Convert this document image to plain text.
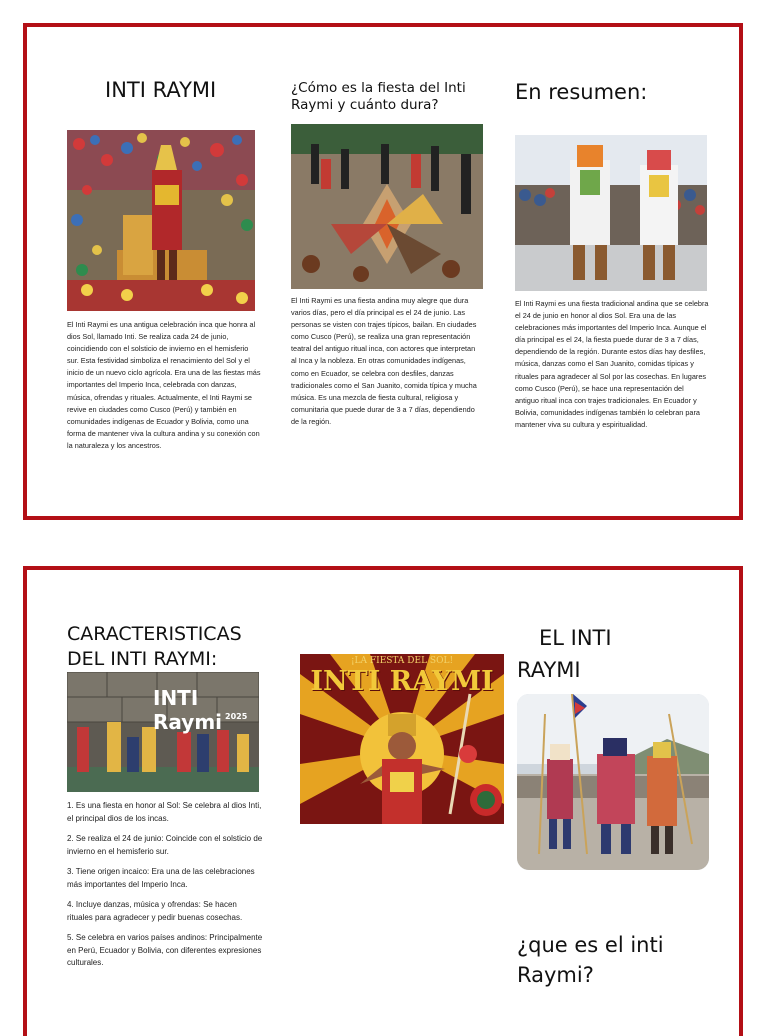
INTI RAYMI

El Inti Raymi es una antigua celebración inca que honra al dios Sol, llamado Inti. Se realiza cada 24 de junio, coincidiendo con el solsticio de invierno en el hemisferio sur. Esta festividad simboliza el renacimiento del Sol y el inicio de un nuevo ciclo agrícola. Era una de las fiestas más importantes del Imperio Inca, celebrada con danzas, música, ofrendas y rituales. Actualmente, el Inti Raymi se revive en ciudades como Cusco (Perú) y también en comunidades indígenas de Ecuador y Bolivia, como una forma de mantener viva la cultura andina y su conexión con la naturaleza y los ancestros.

¿Cómo es la fiesta del Inti Raymi y cuánto dura?

El Inti Raymi es una fiesta andina muy alegre que dura varios días, pero el día principal es el 24 de junio. Las personas se visten con trajes típicos, bailan. En ciudades como Cusco (Perú), se realiza una gran representación teatral del antiguo ritual inca, con actores que interpretan al Inca y la nobleza. En otras comunidades indígenas, como en Ecuador, se celebra con desfiles, danzas tradicionales como el San Juanito, comida típica y mucha música. Es una mezcla de fiesta cultural, religiosa y comunitaria que puede durar de 3 a 7 días, dependiendo de la región.

En resumen:

El Inti Raymi es una fiesta tradicional andina que se celebra el 24 de junio en honor al dios Sol. Era una de las celebraciones más importantes del Imperio Inca. Aunque el día principal es el 24, la fiesta puede durar de 3 a 7 días, dependiendo de la región. Durante estos días hay desfiles, música, danzas como el San Juanito, comidas típicas y rituales para agradecer al Sol por las cosechas. En lugares como Cusco (Perú), se hace una representación del antiguo ritual inca con trajes tradicionales. En Ecuador y Bolivia, comunidades indígenas también lo celebran para mantener viva su cultura y espiritualidad.

CARACTERISTICAS DEL INTI RAYMI:
INTI Raymi 2025

1. Es una fiesta en honor al Sol: Se celebra al dios Inti, el principal dios de los incas.

2. Se realiza el 24 de junio: Coincide con el solsticio de invierno en el hemisferio sur.

3. Tiene origen incaico: Era una de las celebraciones más importantes del Imperio Inca.

4. Incluye danzas, música y ofrendas: Se hacen rituales para agradecer y pedir buenas cosechas.

5. Se celebra en varios países andinos: Principalmente en Perú, Ecuador y Bolivia, con diferentes expresiones culturales.

¡LA FIESTA DEL SOL!
INTI RAYMI
EL INTI RAYMI
¿que es el inti Raymi?
